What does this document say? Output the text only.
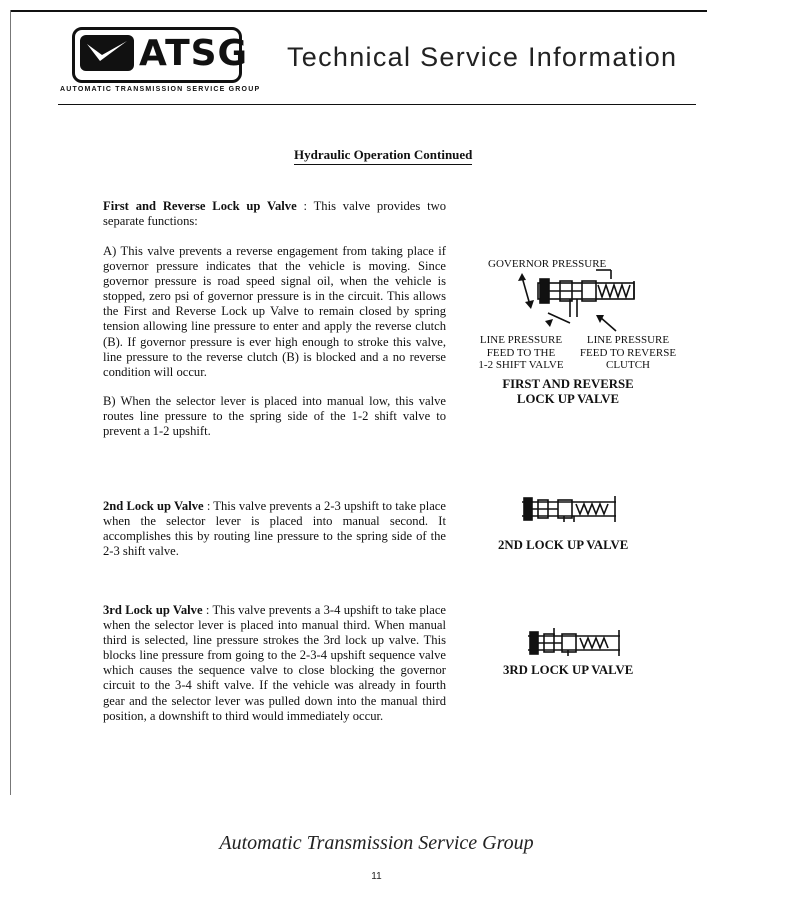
ATSG
AUTOMATIC TRANSMISSION SERVICE GROUP
Technical Service Information
Hydraulic Operation Continued
First and Reverse Lock up Valve : This valve provides two separate functions:
A) This valve prevents a reverse engagement from taking place if governor pressure indicates that the vehicle is moving. Since governor pressure is road speed signal oil, when the vehicle is stopped, zero psi of governor pressure is in the circuit. This allows the First and Reverse Lock up Valve to remain closed by spring tension allowing line pressure to enter and apply the reverse clutch (B). If governor pressure is ever high enough to stroke this valve, line pressure to the reverse clutch (B) is blocked and a no reverse condition will occur.
B) When the selector lever is placed into manual low, this valve routes line pressure to the spring side of the 1-2 shift valve to prevent a 1-2 upshift.
2nd Lock up Valve : This valve prevents a 2-3 upshift to take place when the selector lever is placed into manual second. It accomplishes this by routing line pressure to the spring side of the 2-3 shift valve.
3rd Lock up Valve : This valve prevents a 3-4 upshift to take place when the selector lever is placed into manual third. When manual third is selected, line pressure strokes the 3rd lock up valve. This blocks line pressure from going to the 2-3-4 upshift sequence valve which causes the sequence valve to close blocking the governor circuit to the 3-4 shift valve. If the vehicle was already in fourth gear and the selector lever was pulled down into the manual third position, a downshift to third would immediately occur.
GOVERNOR PRESSURE
LINE PRESSURE
FEED TO THE
1-2 SHIFT VALVE
LINE PRESSURE
FEED TO REVERSE
CLUTCH
FIRST AND REVERSE
LOCK UP VALVE
2ND LOCK UP VALVE
3RD LOCK UP VALVE
Automatic Transmission Service Group
11
